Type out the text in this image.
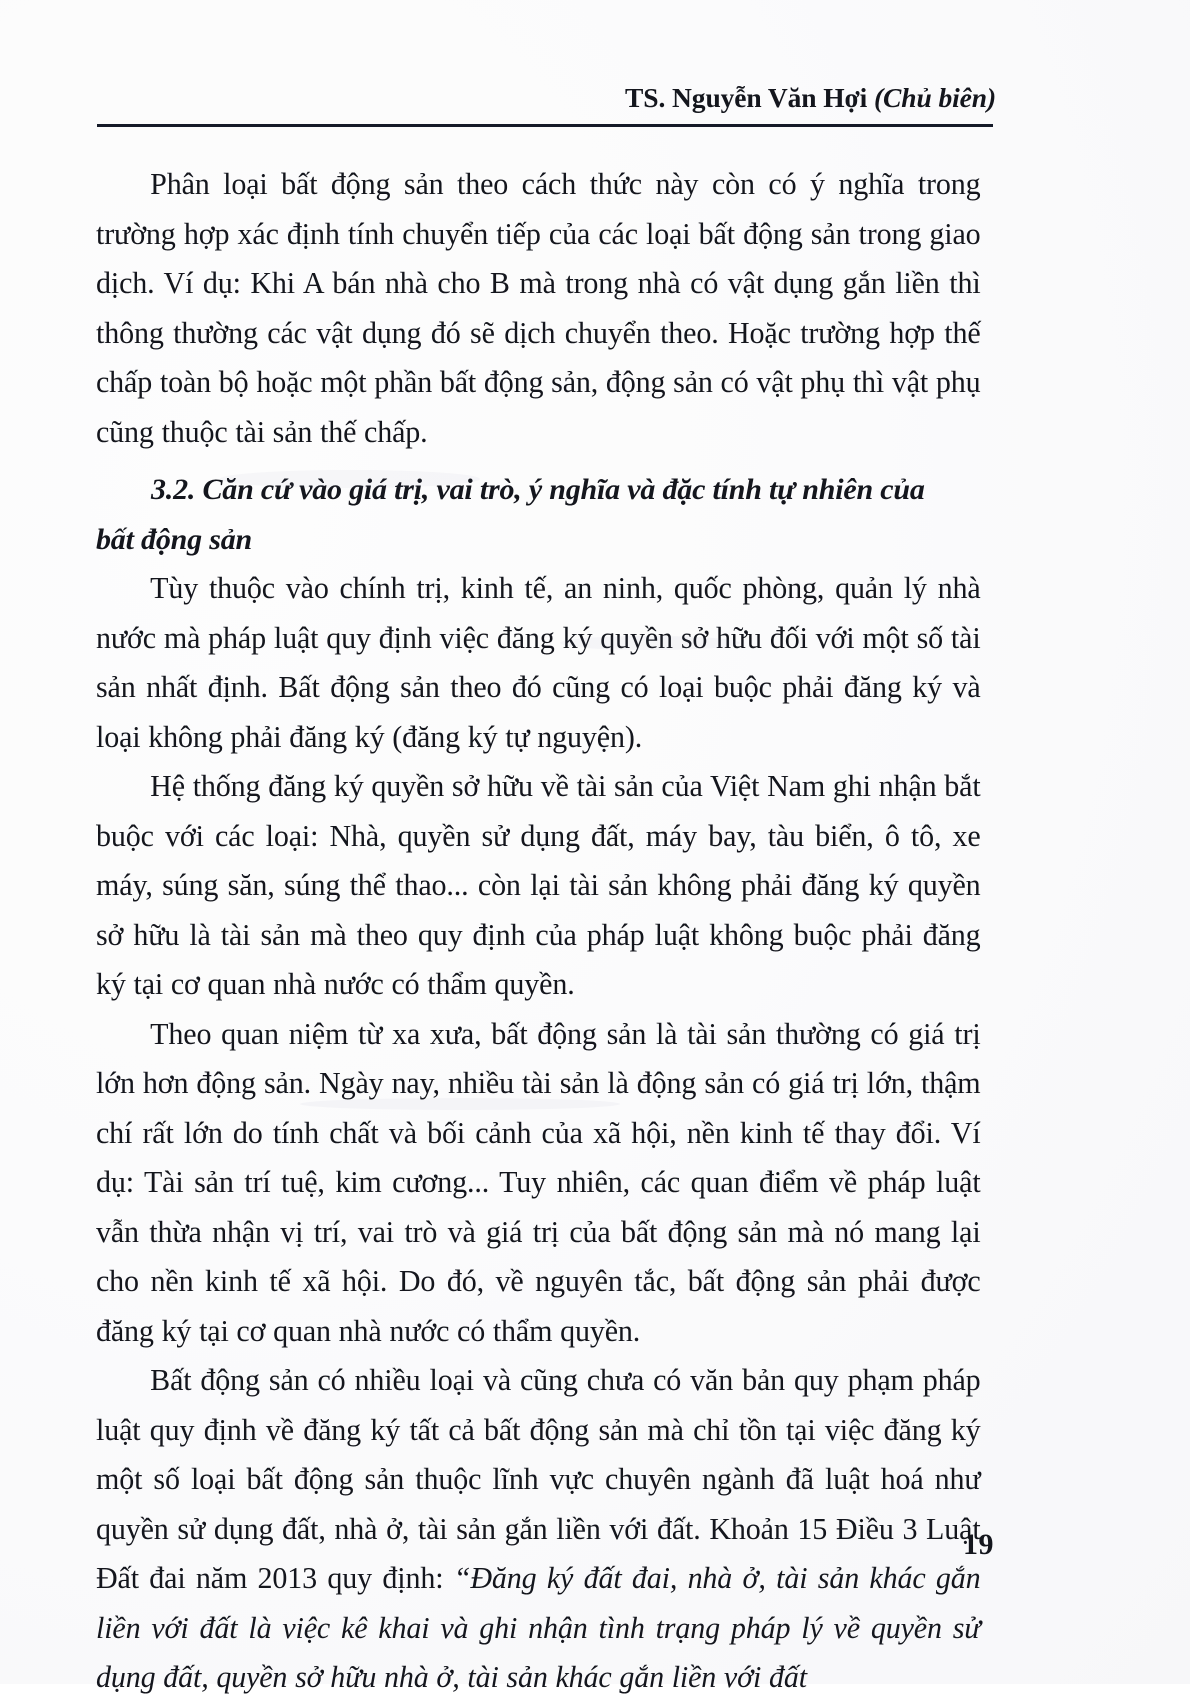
TS. Nguyễn Văn Hợi (Chủ biên)

Phân loại bất động sản theo cách thức này còn có ý nghĩa trong trường hợp xác định tính chuyển tiếp của các loại bất động sản trong giao dịch. Ví dụ: Khi A bán nhà cho B mà trong nhà có vật dụng gắn liền thì thông thường các vật dụng đó sẽ dịch chuyển theo. Hoặc trường hợp thế chấp toàn bộ hoặc một phần bất động sản, động sản có vật phụ thì vật phụ cũng thuộc tài sản thế chấp.

3.2. Căn cứ vào giá trị, vai trò, ý nghĩa và đặc tính tự nhiên của
bất động sản

Tùy thuộc vào chính trị, kinh tế, an ninh, quốc phòng, quản lý nhà nước mà pháp luật quy định việc đăng ký quyền sở hữu đối với một số tài sản nhất định. Bất động sản theo đó cũng có loại buộc phải đăng ký và loại không phải đăng ký (đăng ký tự nguyện).

Hệ thống đăng ký quyền sở hữu về tài sản của Việt Nam ghi nhận bắt buộc với các loại: Nhà, quyền sử dụng đất, máy bay, tàu biển, ô tô, xe máy, súng săn, súng thể thao... còn lại tài sản không phải đăng ký quyền sở hữu là tài sản mà theo quy định của pháp luật không buộc phải đăng ký tại cơ quan nhà nước có thẩm quyền.

Theo quan niệm từ xa xưa, bất động sản là tài sản thường có giá trị lớn hơn động sản. Ngày nay, nhiều tài sản là động sản có giá trị lớn, thậm chí rất lớn do tính chất và bối cảnh của xã hội, nền kinh tế thay đổi. Ví dụ: Tài sản trí tuệ, kim cương... Tuy nhiên, các quan điểm về pháp luật vẫn thừa nhận vị trí, vai trò và giá trị của bất động sản mà nó mang lại cho nền kinh tế xã hội. Do đó, về nguyên tắc, bất động sản phải được đăng ký tại cơ quan nhà nước có thẩm quyền.

Bất động sản có nhiều loại và cũng chưa có văn bản quy phạm pháp luật quy định về đăng ký tất cả bất động sản mà chỉ tồn tại việc đăng ký một số loại bất động sản thuộc lĩnh vực chuyên ngành đã luật hoá như quyền sử dụng đất, nhà ở, tài sản gắn liền với đất. Khoản 15 Điều 3 Luật Đất đai năm 2013 quy định: “Đăng ký đất đai, nhà ở, tài sản khác gắn liền với đất là việc kê khai và ghi nhận tình trạng pháp lý về quyền sử dụng đất, quyền sở hữu nhà ở, tài sản khác gắn liền với đất

19
